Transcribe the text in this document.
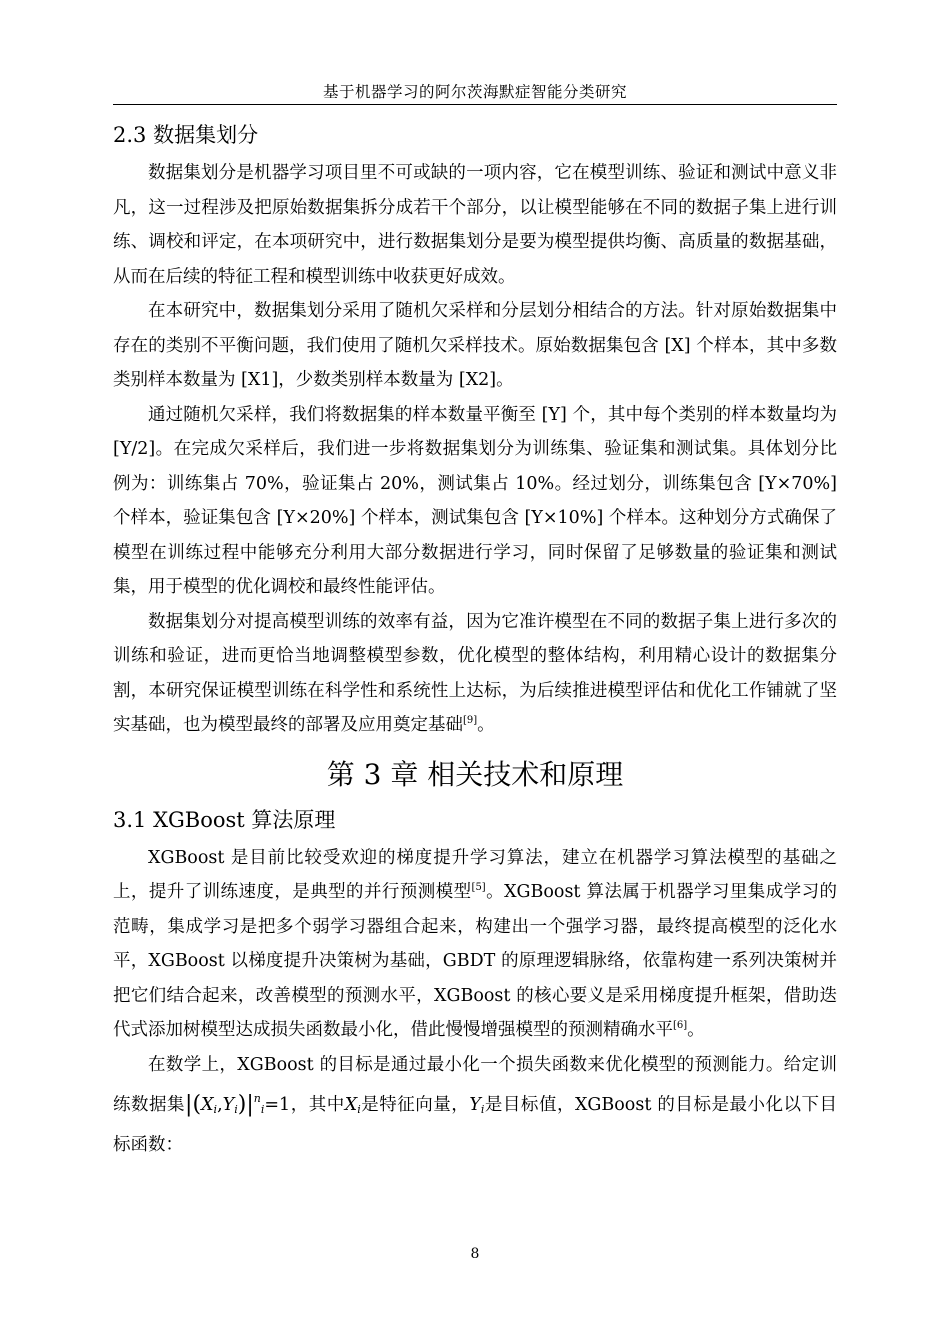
基于机器学习的阿尔茨海默症智能分类研究
2.3 数据集划分

数据集划分是机器学习项目里不可或缺的一项内容，它在模型训练、验证和测试中意义非凡，这一过程涉及把原始数据集拆分成若干个部分，以让模型能够在不同的数据子集上进行训练、调校和评定，在本项研究中，进行数据集划分是要为模型提供均衡、高质量的数据基础，从而在后续的特征工程和模型训练中收获更好成效。

在本研究中，数据集划分采用了随机欠采样和分层划分相结合的方法。针对原始数据集中存在的类别不平衡问题，我们使用了随机欠采样技术。原始数据集包含 [X] 个样本，其中多数类别样本数量为 [X1]，少数类别样本数量为 [X2]。

通过随机欠采样，我们将数据集的样本数量平衡至 [Y] 个，其中每个类别的样本数量均为 [Y/2]。在完成欠采样后，我们进一步将数据集划分为训练集、验证集和测试集。具体划分比例为：训练集占 70%，验证集占 20%，测试集占 10%。经过划分，训练集包含 [Y×70%] 个样本，验证集包含 [Y×20%] 个样本，测试集包含 [Y×10%] 个样本。这种划分方式确保了模型在训练过程中能够充分利用大部分数据进行学习，同时保留了足够数量的验证集和测试集，用于模型的优化调校和最终性能评估。

数据集划分对提高模型训练的效率有益，因为它准许模型在不同的数据子集上进行多次的训练和验证，进而更恰当地调整模型参数，优化模型的整体结构，利用精心设计的数据集分割，本研究保证模型训练在科学性和系统性上达标，为后续推进模型评估和优化工作铺就了坚实基础，也为模型最终的部署及应用奠定基础[9]。

第 3 章 相关技术和原理
3.1 XGBoost 算法原理

XGBoost 是目前比较受欢迎的梯度提升学习算法，建立在机器学习算法模型的基础之上，提升了训练速度，是典型的并行预测模型[5]。XGBoost 算法属于机器学习里集成学习的范畴，集成学习是把多个弱学习器组合起来，构建出一个强学习器，最终提高模型的泛化水平，XGBoost 以梯度提升决策树为基础，GBDT 的原理逻辑脉络，依靠构建一系列决策树并把它们结合起来，改善模型的预测水平，XGBoost 的核心要义是采用梯度提升框架，借助迭代式添加树模型达成损失函数最小化，借此慢慢增强模型的预测精确水平[6]。

在数学上，XGBoost 的目标是通过最小化一个损失函数来优化模型的预测能力。给定训练数据集$|(X_i,Y_i)|^n_i=1$，其中$X_i$是特征向量，$Y_i$是目标值，XGBoost 的目标是最小化以下目标函数：

8
